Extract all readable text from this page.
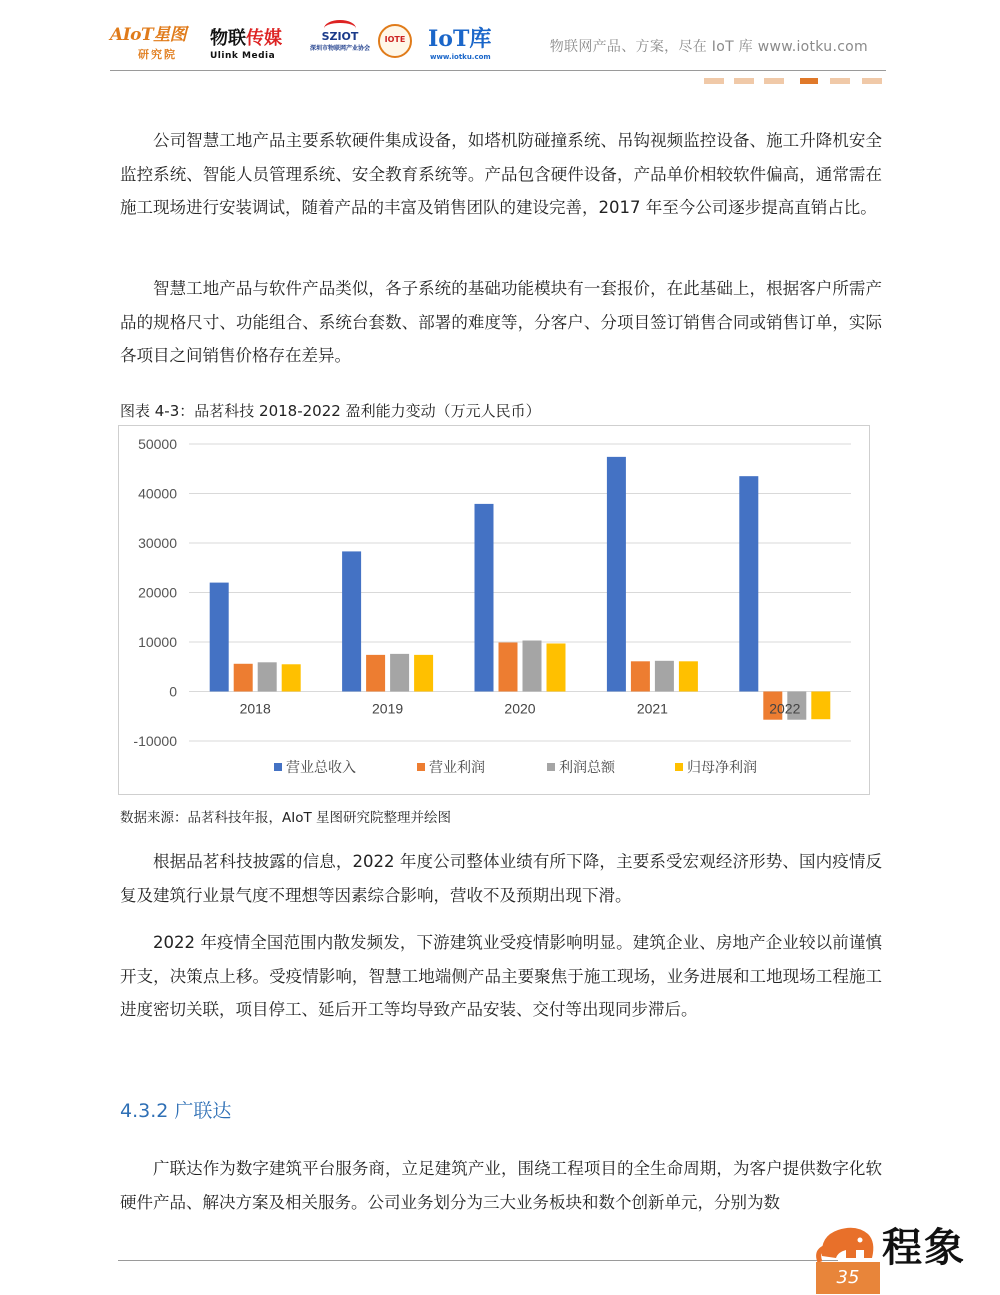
AIoT星图
研究院
物联传媒
Ulink Media
SZIOT
深圳市物联网产业协会
IOTE	IoT库
www.iotku.com
物联网产品、方案，尽在 IoT 库 www.iotku.com

公司智慧工地产品主要系软硬件集成设备，如塔机防碰撞系统、吊钩视频监控设备、施工升降机安全监控系统、智能人员管理系统、安全教育系统等。产品包含硬件设备，产品单价相较软件偏高，通常需在施工现场进行安装调试，随着产品的丰富及销售团队的建设完善，2017 年至今公司逐步提高直销占比。

智慧工地产品与软件产品类似，各子系统的基础功能模块有一套报价，在此基础上，根据客户所需产品的规格尺寸、功能组合、系统台套数、部署的难度等，分客户、分项目签订销售合同或销售订单，实际各项目之间销售价格存在差异。

图表 4-3：品茗科技 2018-2022 盈利能力变动（万元人民币）
50000
40000
30000
20000
10000
0
-10000
2018	2019	2020	2021	2022
营业总收入	营业利润	利润总额	归母净利润
数据来源：品茗科技年报，AIoT 星图研究院整理并绘图

根据品茗科技披露的信息，2022 年度公司整体业绩有所下降，主要系受宏观经济形势、国内疫情反复及建筑行业景气度不理想等因素综合影响，营收不及预期出现下滑。

2022 年疫情全国范围内散发频发，下游建筑业受疫情影响明显。建筑企业、房地产企业较以前谨慎开支，决策点上移。受疫情影响，智慧工地端侧产品主要聚焦于施工现场，业务进展和工地现场工程施工进度密切关联，项目停工、延后开工等均导致产品安装、交付等出现同步滞后。

4.3.2 广联达

广联达作为数字建筑平台服务商，立足建筑产业，围绕工程项目的全生命周期，为客户提供数字化软硬件产品、解决方案及相关服务。公司业务划分为三大业务板块和数个创新单元，分别为数

程象
35
